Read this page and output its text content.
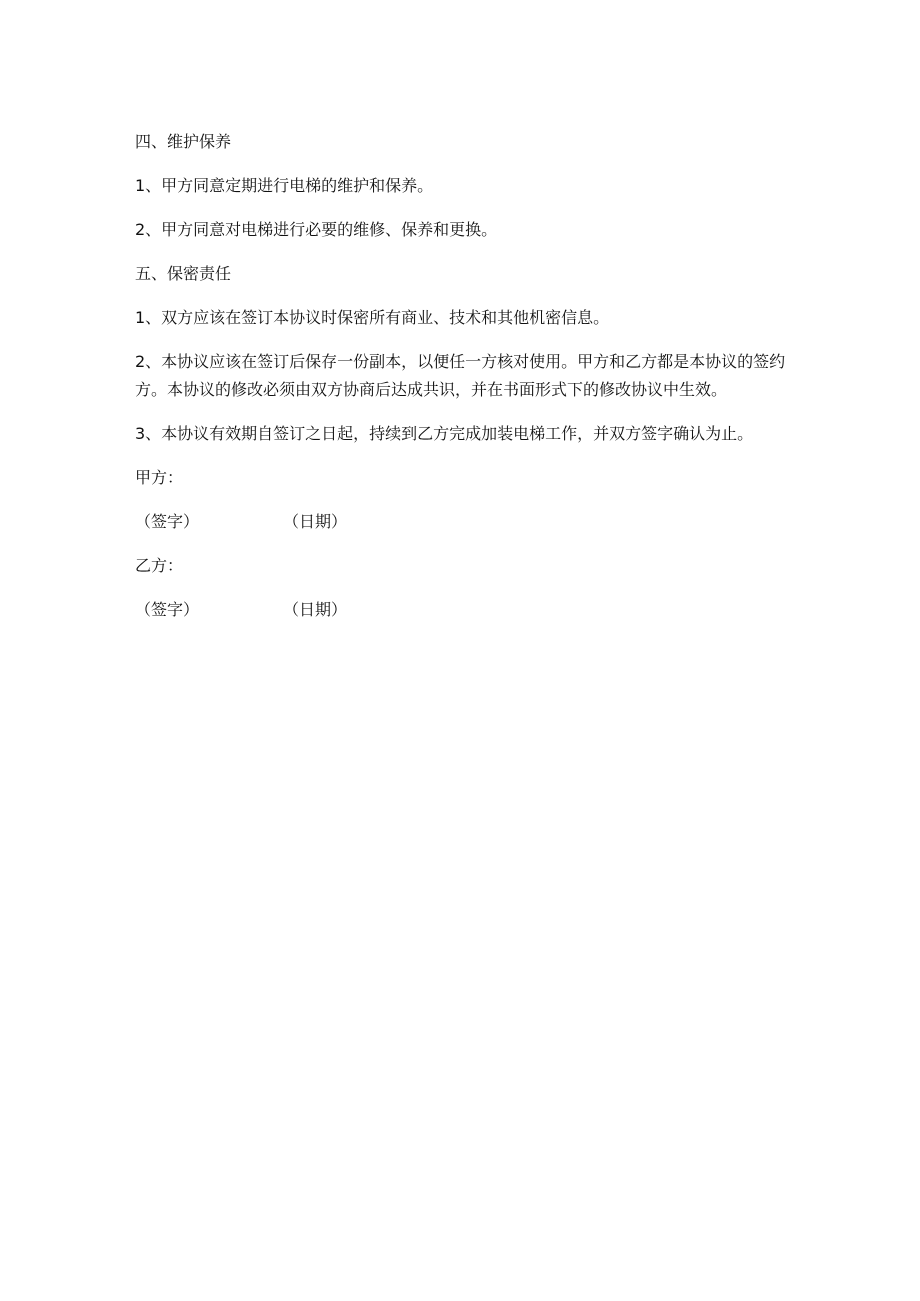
四、维护保养

1、甲方同意定期进行电梯的维护和保养。

2、甲方同意对电梯进行必要的维修、保养和更换。

五、保密责任

1、双方应该在签订本协议时保密所有商业、技术和其他机密信息。

2、本协议应该在签订后保存一份副本，以便任一方核对使用。甲方和乙方都是本协议的签约方。本协议的修改必须由双方协商后达成共识，并在书面形式下的修改协议中生效。

3、本协议有效期自签订之日起，持续到乙方完成加装电梯工作，并双方签字确认为止。

甲方：

（签字）	（日期）

乙方：

（签字）	（日期）
